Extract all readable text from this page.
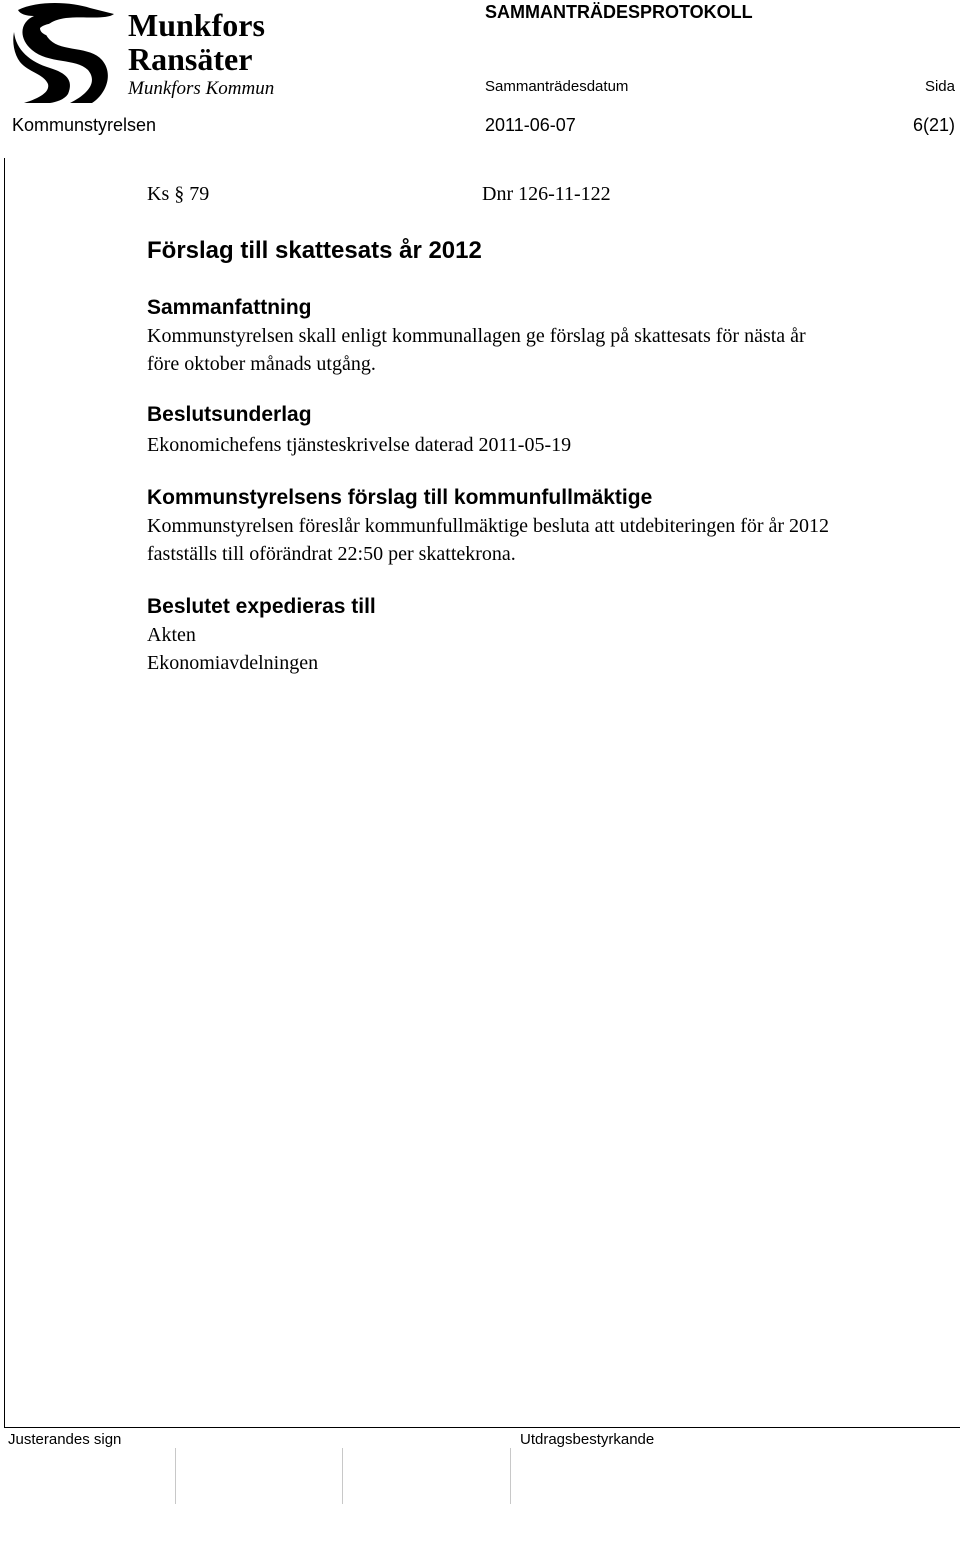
Munkfors
Ransäter
Munkfors Kommun
SAMMANTRÄDESPROTOKOLL
Sammanträdesdatum	Sida
Kommunstyrelsen	2011-06-07	6(21)
Ks § 79	Dnr 126-11-122
Förslag till skattesats år 2012
Sammanfattning
Kommunstyrelsen skall enligt kommunallagen ge förslag på skattesats för nästa år
före oktober månads utgång.
Beslutsunderlag
Ekonomichefens tjänsteskrivelse daterad 2011-05-19
Kommunstyrelsens förslag till kommunfullmäktige
Kommunstyrelsen föreslår kommunfullmäktige besluta att utdebiteringen för år 2012
fastställs till oförändrat 22:50 per skattekrona.
Beslutet expedieras till
Akten
Ekonomiavdelningen
Justerandes sign	Utdragsbestyrkande
